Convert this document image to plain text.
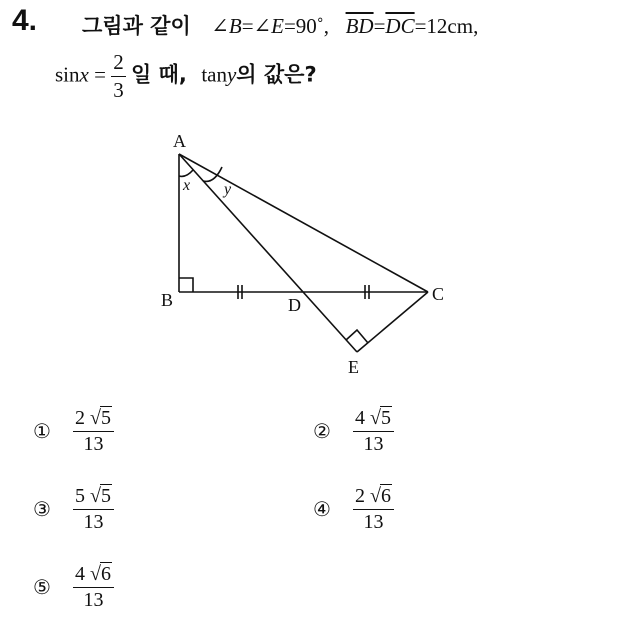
4. 그림과 같이 ∠B=∠E=90˚, $\overline{BD}=\overline{DC}=12cm$,
$\sin x = \frac{2}{3}$ 일 때, tany의 값은?
A
B	C
D
E
x y
①	$\frac{2 √5}{13}$	②	$\frac{4 √5}{13}$
③	$\frac{5 √5}{13}$	④	$\frac{2 √6}{13}$
⑤	$\frac{4 √6}{13}$
